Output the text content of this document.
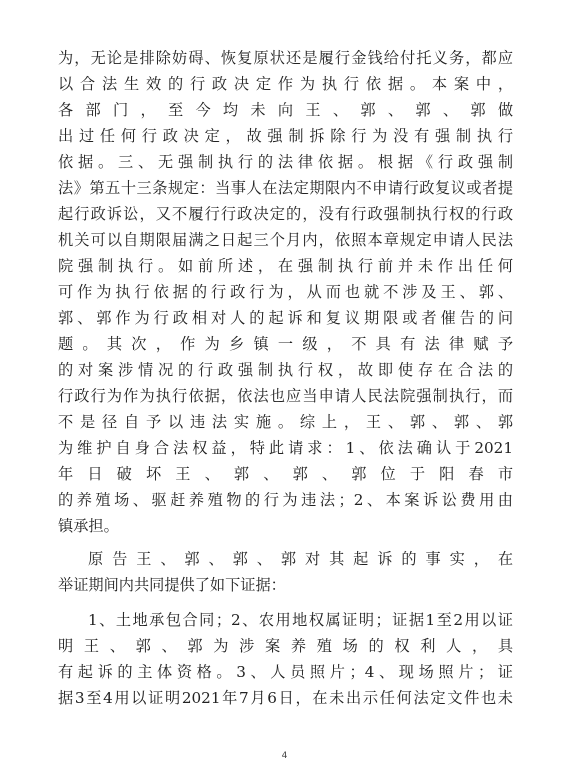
为，无论是排除妨碍、恢复原状还是履行金钱给付托义务，都应
以合法生效的行政决定作为执行依据。本案中，
各部门，至今均未向王、郭、郭、郭做
出过任何行政决定，故强制拆除行为没有强制执行
依据。三、无强制执行的法律依据。根据《行政强制
法》第五十三条规定：当事人在法定期限内不申请行政复议或者提
起行政诉讼，又不履行行政决定的，没有行政强制执行权的行政
机关可以自期限届满之日起三个月内，依照本章规定申请人民法
院强制执行。如前所述，在强制执行前并未作出任何
可作为执行依据的行政行为，从而也就不涉及王、郭、
郭、郭作为行政相对人的起诉和复议期限或者催告的问
题。其次，作为乡镇一级，不具有法律赋予
的对案涉情况的行政强制执行权，故即使存在合法的
行政行为作为执行依据，依法也应当申请人民法院强制执行，而
不是径自予以违法实施。综上，王、郭、郭、郭
为维护自身合法权益，特此请求：1、依法确认于2021
年日破坏王、郭、郭、郭位于阳春市
的养殖场、驱赶养殖物的行为违法；2、本案诉讼费用由
镇承担。
原告王、郭、郭、郭对其起诉的事实，在
举证期间内共同提供了如下证据：
1、土地承包合同；2、农用地权属证明；证据1至2用以证
明王、郭、郭为涉案养殖场的权利人，具
有起诉的主体资格。3、人员照片；4、现场照片；证
据3至4用以证明2021年7月6日，在未出示任何法定文件也未
4
